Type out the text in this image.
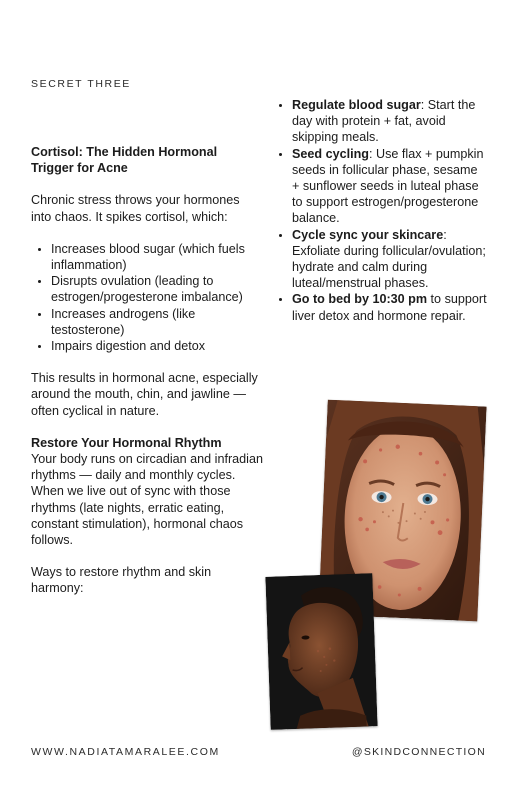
SECRET THREE
Cortisol: The Hidden Hormonal Trigger for Acne

Chronic stress throws your hormones into chaos. It spikes cortisol, which:

• Increases blood sugar (which fuels inflammation)
• Disrupts ovulation (leading to estrogen/progesterone imbalance)
• Increases androgens (like testosterone)
• Impairs digestion and detox

This results in hormonal acne, especially around the mouth, chin, and jawline — often cyclical in nature.

Restore Your Hormonal Rhythm

Your body runs on circadian and infradian rhythms — daily and monthly cycles. When we live out of sync with those rhythms (late nights, erratic eating, constant stimulation), hormonal chaos follows.

Ways to restore rhythm and skin harmony:

• Regulate blood sugar: Start the day with protein + fat, avoid skipping meals.
• Seed cycling: Use flax + pumpkin seeds in follicular phase, sesame + sunflower seeds in luteal phase to support estrogen/progesterone balance.
• Cycle sync your skincare: Exfoliate during follicular/ovulation; hydrate and calm during luteal/menstrual phases.
• Go to bed by 10:30 pm to support liver detox and hormone repair.
WWW.NADIATAMARALEE.COM	@SKINDCONNECTION
